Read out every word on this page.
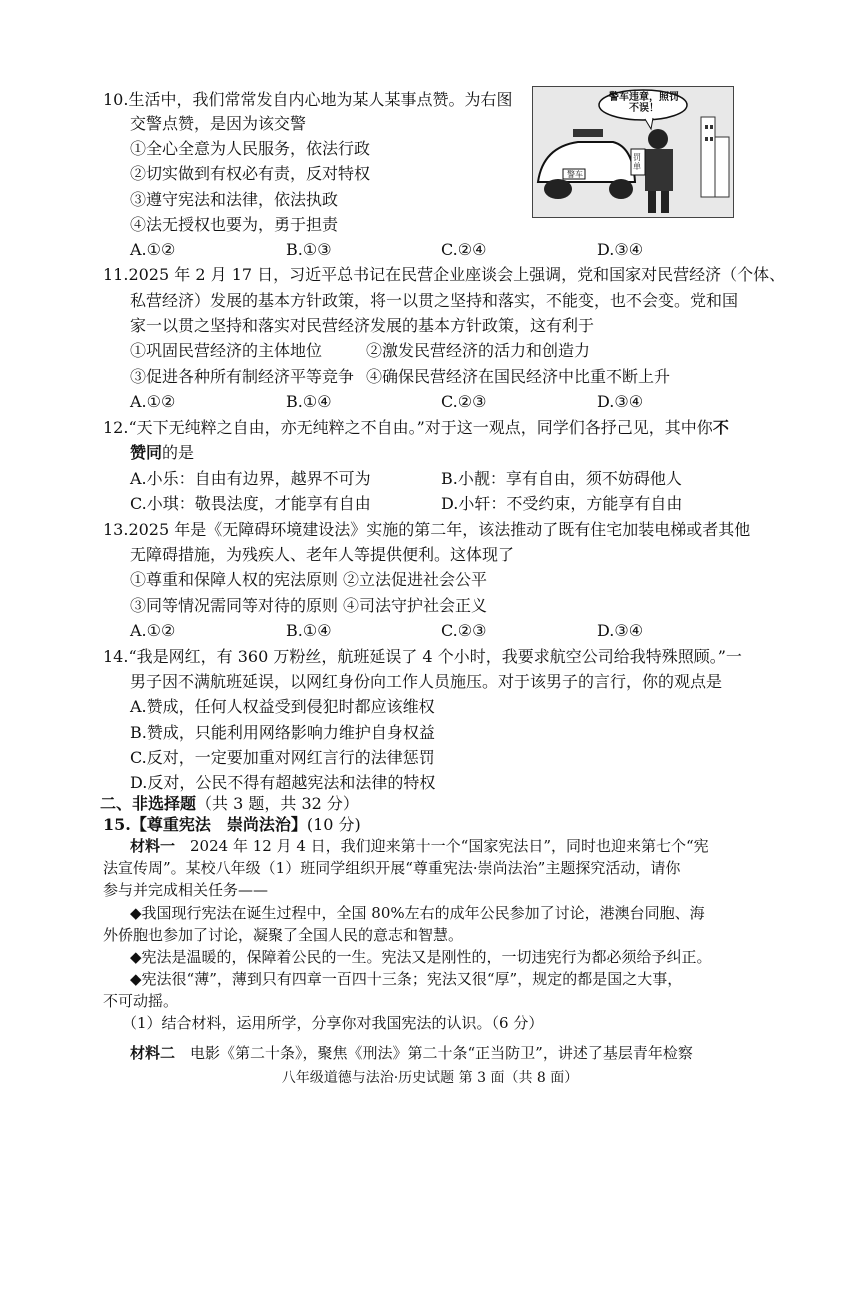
10.生活中，我们常常发自内心地为某人某事点赞。为右图
交警点赞，是因为该交警
①全心全意为人民服务，依法行政
②切实做到有权必有责，反对特权
③遵守宪法和法律，依法执政
④法无授权也要为，勇于担责
A.①②	B.①③	C.②④	D.③④
警车违章，照罚不误！
警车
罚单
11.2025 年 2 月 17 日，习近平总书记在民营企业座谈会上强调，党和国家对民营经济（个体、
私营经济）发展的基本方针政策，将一以贯之坚持和落实，不能变，也不会变。党和国
家一以贯之坚持和落实对民营经济发展的基本方针政策，这有利于
①巩固民营经济的主体地位	②激发民营经济的活力和创造力
③促进各种所有制经济平等竞争 ④确保民营经济在国民经济中比重不断上升
A.①②	B.①④	C.②③	D.③④
12.“天下无纯粹之自由，亦无纯粹之不自由。”对于这一观点，同学们各抒己见，其中你不
赞同的是
A.小乐：自由有边界，越界不可为	B.小靓：享有自由，须不妨碍他人
C.小琪：敬畏法度，才能享有自由	D.小轩：不受约束，方能享有自由
13.2025 年是《无障碍环境建设法》实施的第二年，该法推动了既有住宅加装电梯或者其他
无障碍措施，为残疾人、老年人等提供便利。这体现了
①尊重和保障人权的宪法原则 ②立法促进社会公平
③同等情况需同等对待的原则 ④司法守护社会正义
A.①②	B.①④	C.②③	D.③④
14.“我是网红，有 360 万粉丝，航班延误了 4 个小时，我要求航空公司给我特殊照顾。”一
男子因不满航班延误，以网红身份向工作人员施压。对于该男子的言行，你的观点是
A.赞成，任何人权益受到侵犯时都应该维权
B.赞成，只能利用网络影响力维护自身权益
C.反对，一定要加重对网红言行的法律惩罚
D.反对，公民不得有超越宪法和法律的特权
二、非选择题（共 3 题，共 32 分）
15.【尊重宪法　崇尚法治】(10 分)
材料一　2024 年 12 月 4 日，我们迎来第十一个“国家宪法日”，同时也迎来第七个“宪
法宣传周”。某校八年级（1）班同学组织开展“尊重宪法·崇尚法治”主题探究活动，请你
参与并完成相关任务——
◆我国现行宪法在诞生过程中，全国 80%左右的成年公民参加了讨论，港澳台同胞、海
外侨胞也参加了讨论，凝聚了全国人民的意志和智慧。
◆宪法是温暖的，保障着公民的一生。宪法又是刚性的，一切违宪行为都必须给予纠正。
◆宪法很“薄”，薄到只有四章一百四十三条；宪法又很“厚”，规定的都是国之大事，
不可动摇。
（1）结合材料，运用所学，分享你对我国宪法的认识。（6 分）
材料二　电影《第二十条》，聚焦《刑法》第二十条“正当防卫”，讲述了基层青年检察
八年级道德与法治·历史试题 第 3 面（共 8 面）
